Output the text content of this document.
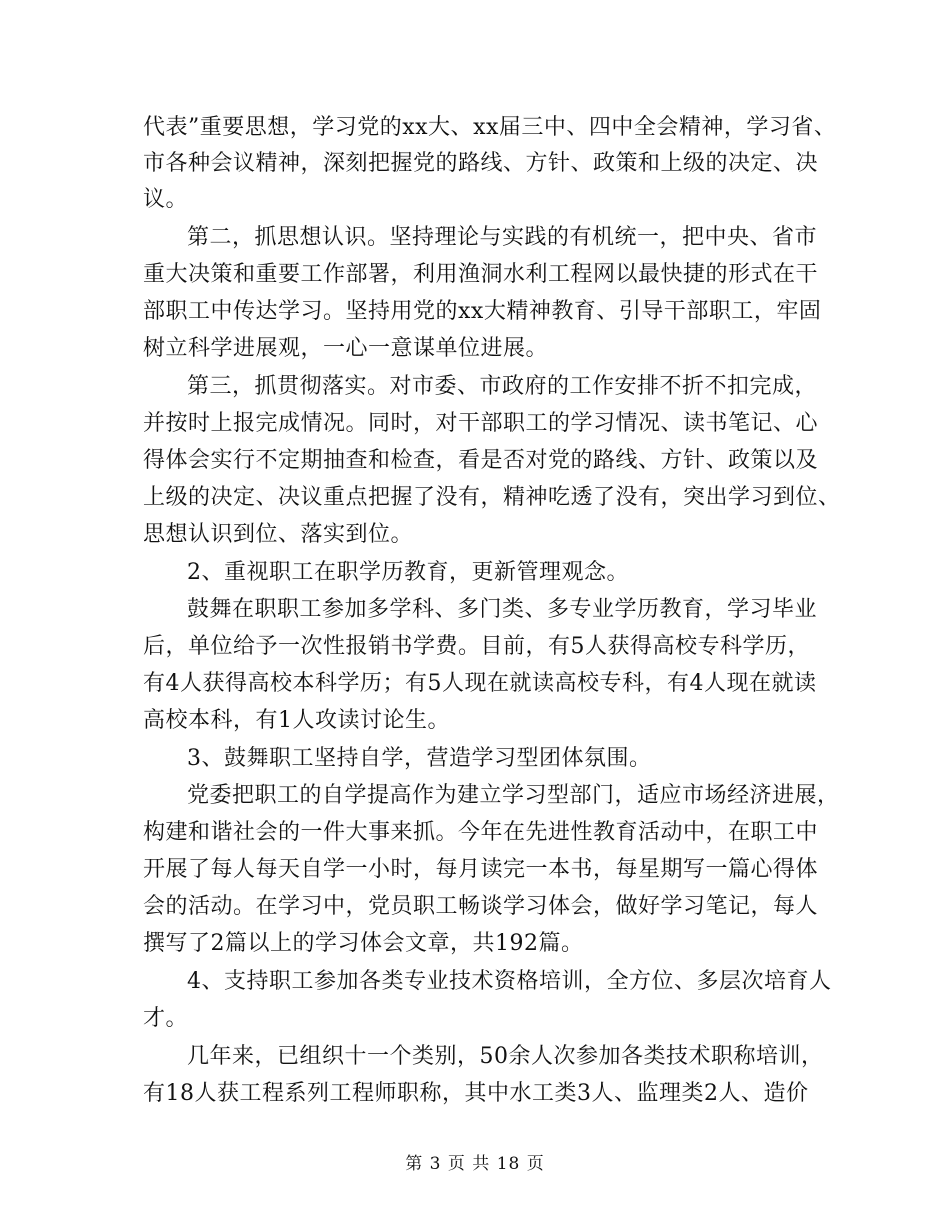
代表”重要思想，学习党的xx大、xx届三中、四中全会精神，学习省、
市各种会议精神，深刻把握党的路线、方针、政策和上级的决定、决
议。
第二，抓思想认识。坚持理论与实践的有机统一，把中央、省市
重大决策和重要工作部署，利用渔洞水利工程网以最快捷的形式在干
部职工中传达学习。坚持用党的xx大精神教育、引导干部职工，牢固
树立科学进展观，一心一意谋单位进展。
第三，抓贯彻落实。对市委、市政府的工作安排不折不扣完成，
并按时上报完成情况。同时，对干部职工的学习情况、读书笔记、心
得体会实行不定期抽查和检查，看是否对党的路线、方针、政策以及
上级的决定、决议重点把握了没有，精神吃透了没有，突出学习到位、
思想认识到位、落实到位。
2、重视职工在职学历教育，更新管理观念。
鼓舞在职职工参加多学科、多门类、多专业学历教育，学习毕业
后，单位给予一次性报销书学费。目前，有5人获得高校专科学历，
有4人获得高校本科学历；有5人现在就读高校专科，有4人现在就读
高校本科，有1人攻读讨论生。
3、鼓舞职工坚持自学，营造学习型团体氛围。
党委把职工的自学提高作为建立学习型部门，适应市场经济进展，
构建和谐社会的一件大事来抓。今年在先进性教育活动中，在职工中
开展了每人每天自学一小时，每月读完一本书，每星期写一篇心得体
会的活动。在学习中，党员职工畅谈学习体会，做好学习笔记，每人
撰写了2篇以上的学习体会文章，共192篇。
4、支持职工参加各类专业技术资格培训，全方位、多层次培育人
才。
几年来，已组织十一个类别，50余人次参加各类技术职称培训，
有18人获工程系列工程师职称，其中水工类3人、监理类2人、造价
第 3 页 共 18 页
